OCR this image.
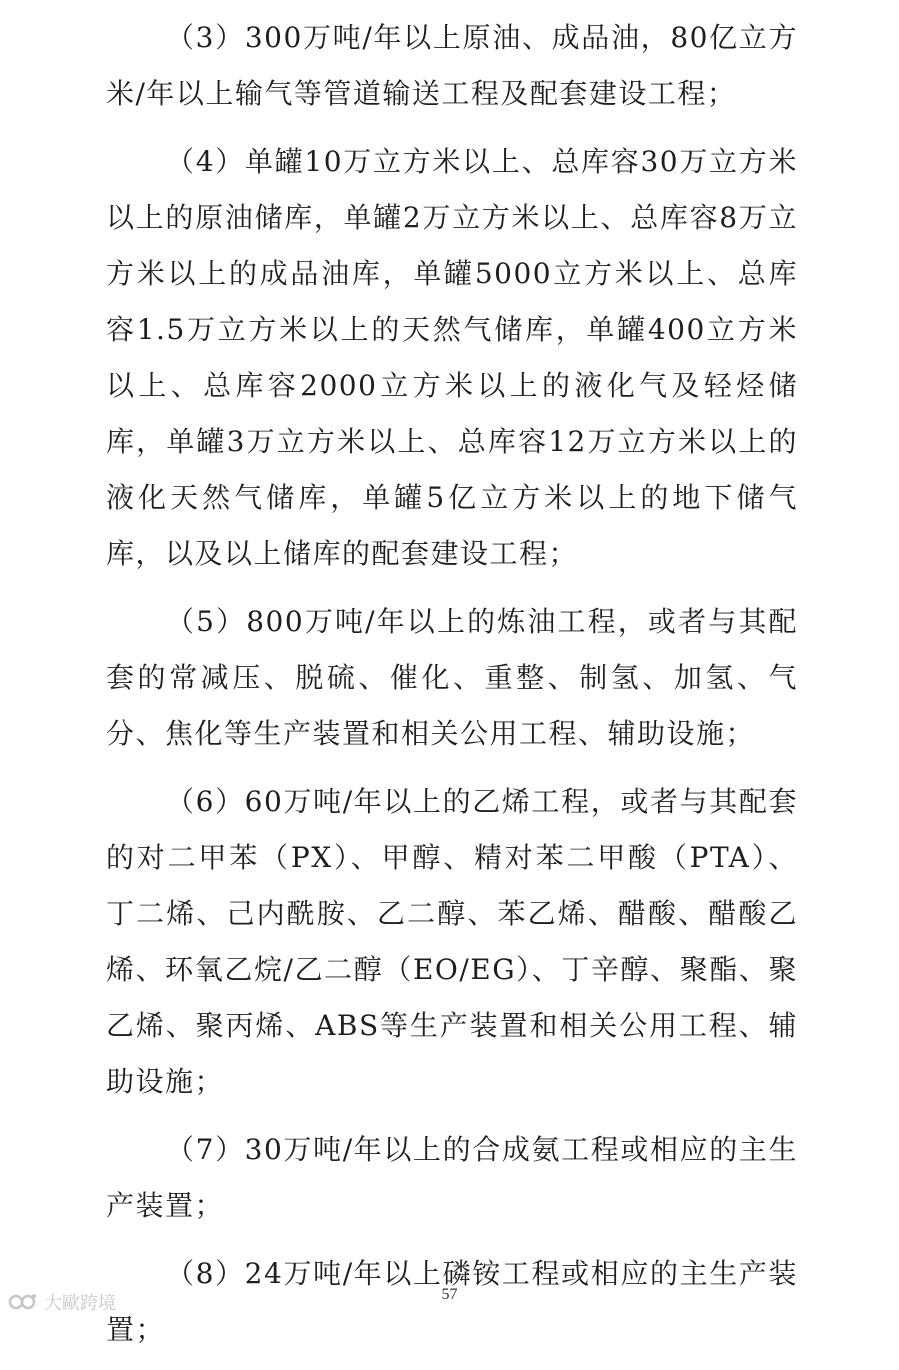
（3）300万吨/年以上原油、成品油，80亿立方米/年以上输气等管道输送工程及配套建设工程；

（4）单罐10万立方米以上、总库容30万立方米以上的原油储库，单罐2万立方米以上、总库容8万立方米以上的成品油库，单罐5000立方米以上、总库容1.5万立方米以上的天然气储库，单罐400立方米以上、总库容2000立方米以上的液化气及轻烃储库，单罐3万立方米以上、总库容12万立方米以上的液化天然气储库，单罐5亿立方米以上的地下储气库，以及以上储库的配套建设工程；

（5）800万吨/年以上的炼油工程，或者与其配套的常减压、脱硫、催化、重整、制氢、加氢、气分、焦化等生产装置和相关公用工程、辅助设施；

（6）60万吨/年以上的乙烯工程，或者与其配套的对二甲苯（PX）、甲醇、精对苯二甲酸（PTA）、丁二烯、己内酰胺、乙二醇、苯乙烯、醋酸、醋酸乙烯、环氧乙烷/乙二醇（EO/EG）、丁辛醇、聚酯、聚乙烯、聚丙烯、ABS等生产装置和相关公用工程、辅助设施；

（7）30万吨/年以上的合成氨工程或相应的主生产装置；

（8）24万吨/年以上磷铵工程或相应的主生产装置；

57
大歐跨境
